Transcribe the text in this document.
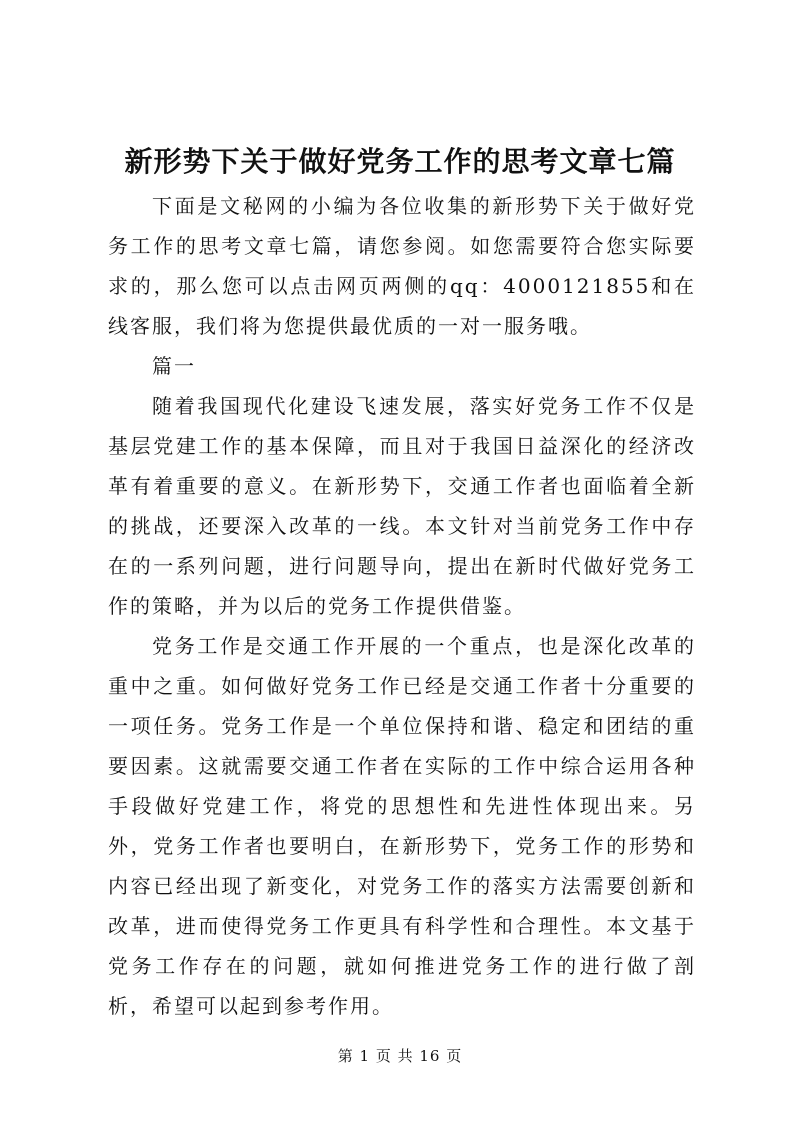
新形势下关于做好党务工作的思考文章七篇

下面是文秘网的小编为各位收集的新形势下关于做好党务工作的思考文章七篇，请您参阅。如您需要符合您实际要求的，那么您可以点击网页两侧的qq：4000121855和在线客服，我们将为您提供最优质的一对一服务哦。

篇一

随着我国现代化建设飞速发展，落实好党务工作不仅是基层党建工作的基本保障，而且对于我国日益深化的经济改革有着重要的意义。在新形势下，交通工作者也面临着全新的挑战，还要深入改革的一线。本文针对当前党务工作中存在的一系列问题，进行问题导向，提出在新时代做好党务工作的策略，并为以后的党务工作提供借鉴。

党务工作是交通工作开展的一个重点，也是深化改革的重中之重。如何做好党务工作已经是交通工作者十分重要的一项任务。党务工作是一个单位保持和谐、稳定和团结的重要因素。这就需要交通工作者在实际的工作中综合运用各种手段做好党建工作，将党的思想性和先进性体现出来。另外，党务工作者也要明白，在新形势下，党务工作的形势和内容已经出现了新变化，对党务工作的落实方法需要创新和改革，进而使得党务工作更具有科学性和合理性。本文基于党务工作存在的问题，就如何推进党务工作的进行做了剖析，希望可以起到参考作用。

第 1 页 共 16 页
